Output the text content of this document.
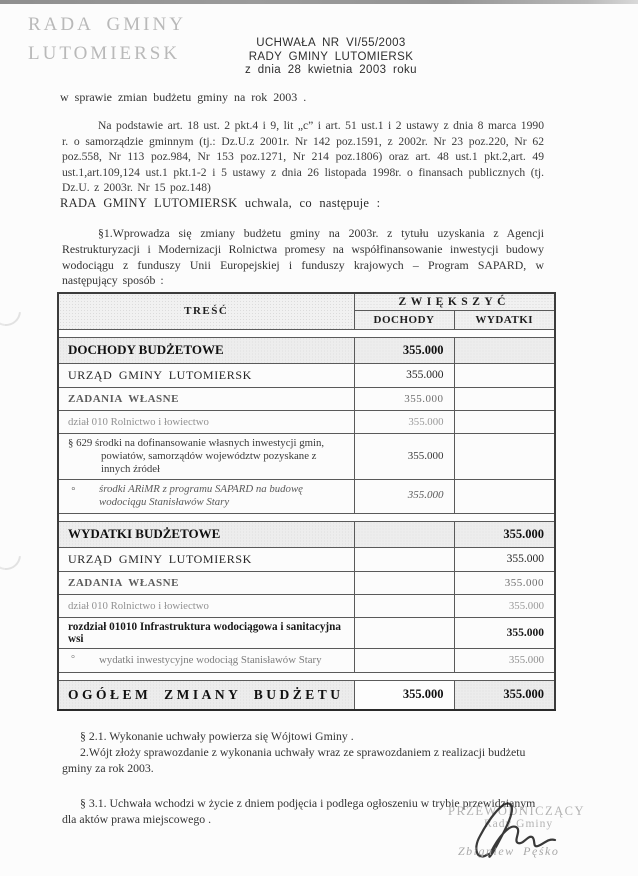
RADA GMINY
LUTOMIERSK
UCHWAŁA NR VI/55/2003
RADY GMINY LUTOMIERSK
z dnia 28 kwietnia 2003 roku
w sprawie zmian budżetu gminy na rok 2003 .

Na podstawie art. 18 ust. 2 pkt.4 i 9, lit „c” i art. 51 ust.1 i 2 ustawy z dnia 8 marca 1990 r. o samorządzie gminnym (tj.: Dz.U.z 2001r. Nr 142 poz.1591, z 2002r. Nr 23 poz.220, Nr 62 poz.558, Nr 113 poz.984, Nr 153 poz.1271, Nr 214 poz.1806) oraz art. 48 ust.1 pkt.2,art. 49 ust.1,art.109,124 ust.1 pkt.1-2 i 5 ustawy z dnia 26 listopada 1998r. o finansach publicznych (tj. Dz.U. z 2003r. Nr 15 poz.148)

RADA GMINY LUTOMIERSK uchwala, co następuje :

§1.Wprowadza się zmiany budżetu gminy na 2003r. z tytułu uzyskania z Agencji Restrukturyzacji i Modernizacji Rolnictwa promesy na współfinansowanie inwestycji budowy wodociągu z funduszy Unii Europejskiej i funduszy krajowych – Program SAPARD, w następujący sposób :

TREŚĆ	ZWIĘKSZYĆ	
	DOCHODY	WYDATKI

DOCHODY BUDŻETOWE	355.000	
URZĄD GMINY LUTOMIERSK	355.000	
ZADANIA WŁASNE	355.000	
dział 010 Rolnictwo i łowiectwo	355.000	
§ 629 środki na dofinansowanie własnych inwestycji gmin, powiatów, samorządów województw pozyskane z innych źródeł	355.000	

° środki ARiMR z programu SAPARD na budowę wodociągu Stanisławów Stary	355.000	

WYDATKI BUDŻETOWE		355.000
URZĄD GMINY LUTOMIERSK		355.000
ZADANIA WŁASNE		355.000
dział 010 Rolnictwo i łowiectwo		355.000
rozdział 01010 Infrastruktura wodociągowa i sanitacyjna wsi		355.000

° wydatki inwestycyjne wodociąg Stanisławów Stary		355.000

OGÓŁEM ZMIANY BUDŻETU	355.000	355.000

§ 2.1. Wykonanie uchwały powierza się Wójtowi Gminy .

2.Wójt złoży sprawozdanie z wykonania uchwały wraz ze sprawozdaniem z realizacji budżetu gminy za rok 2003.

§ 3.1. Uchwała wchodzi w życie z dniem podjęcia i podlega ogłoszeniu w trybie przewidzianym dla aktów prawa miejscowego .

PRZEWODNICZĄCY
Rady Gminy
Zbigniew Pęśko
